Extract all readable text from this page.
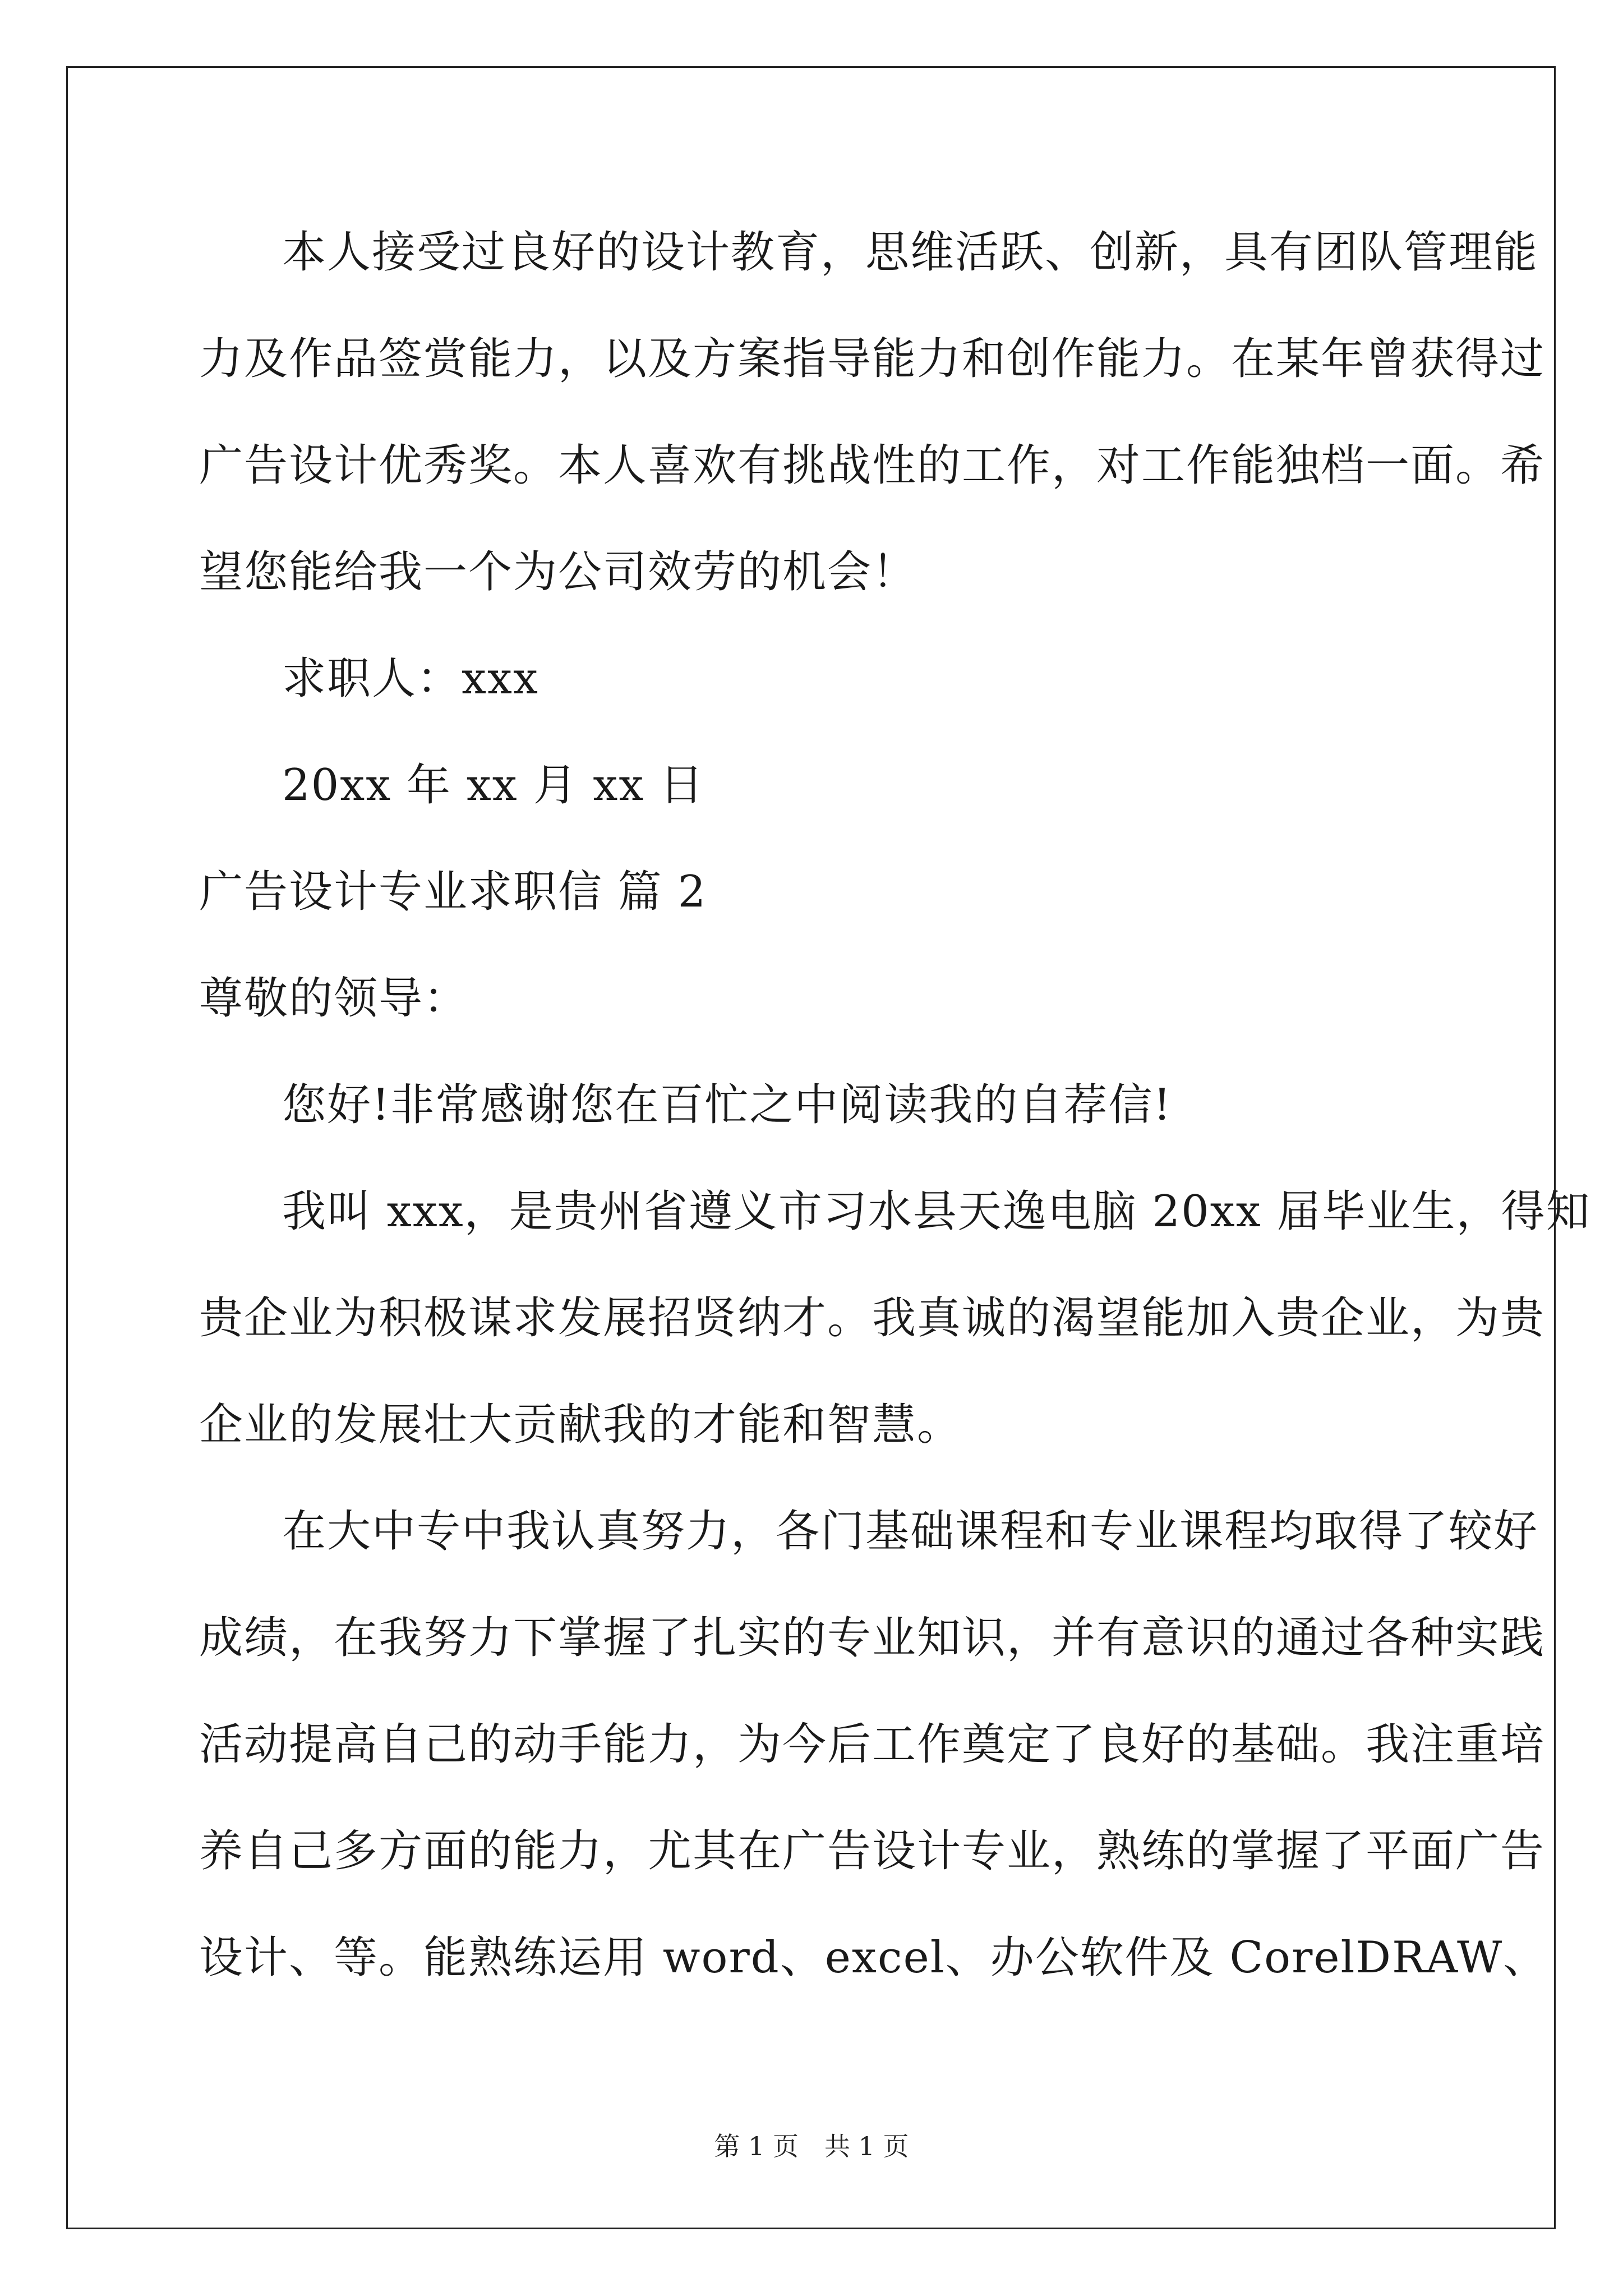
本人接受过良好的设计教育，思维活跃、创新，具有团队管理能
力及作品签赏能力，以及方案指导能力和创作能力。在某年曾获得过
广告设计优秀奖。本人喜欢有挑战性的工作，对工作能独档一面。希
望您能给我一个为公司效劳的机会！
求职人：xxx
20xx 年 xx 月 xx 日
广告设计专业求职信 篇 2
尊敬的领导：
您好!非常感谢您在百忙之中阅读我的自荐信!
我叫 xxx，是贵州省遵义市习水县天逸电脑 20xx 届毕业生，得知
贵企业为积极谋求发展招贤纳才。我真诚的渴望能加入贵企业，为贵
企业的发展壮大贡献我的才能和智慧。
在大中专中我认真努力，各门基础课程和专业课程均取得了较好
成绩，在我努力下掌握了扎实的专业知识，并有意识的通过各种实践
活动提高自己的动手能力，为今后工作奠定了良好的基础。我注重培
养自己多方面的能力，尤其在广告设计专业，熟练的掌握了平面广告
设计、等。能熟练运用 word、excel、办公软件及 CorelDRAW、
第 1 页　共 1 页
